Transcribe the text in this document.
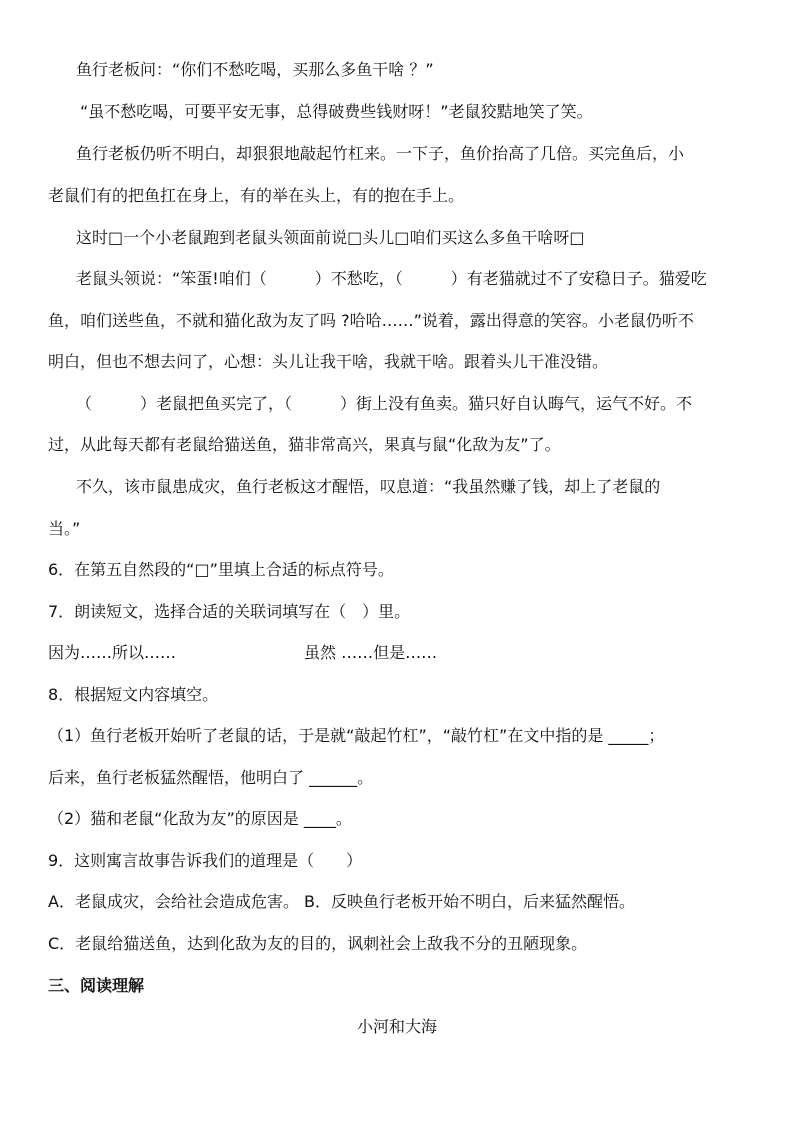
鱼行老板问：“你们不愁吃喝，买那么多鱼干啥 ？”
“虽不愁吃喝，可要平安无事，总得破费些钱财呀！”老鼠狡黠地笑了笑。
鱼行老板仍听不明白，却狠狠地敲起竹杠来。一下子，鱼价抬高了几倍。买完鱼后，小
老鼠们有的把鱼扛在身上，有的举在头上，有的抱在手上。
这时□一个小老鼠跑到老鼠头领面前说□头儿□咱们买这么多鱼干啥呀□
老鼠头领说：“笨蛋!咱们（　　　）不愁吃，（　　　）有老猫就过不了安稳日子。猫爱吃
鱼，咱们送些鱼，不就和猫化敌为友了吗 ?哈哈……”说着，露出得意的笑容。小老鼠仍听不
明白，但也不想去问了，心想：头儿让我干啥，我就干啥。跟着头儿干准没错。
（　　　）老鼠把鱼买完了，（　　　）街上没有鱼卖。猫只好自认晦气，运气不好。不
过，从此每天都有老鼠给猫送鱼，猫非常高兴，果真与鼠“化敌为友”了。
不久，该市鼠患成灾，鱼行老板这才醒悟，叹息道：“我虽然赚了钱，却上了老鼠的
当。”
6．在第五自然段的“□”里填上合适的标点符号。
7．朗读短文，选择合适的关联词填写在（　）里。
因为……所以……	虽然 ……但是……
8．根据短文内容填空。
（1）鱼行老板开始听了老鼠的话，于是就“敲起竹杠”，“敲竹杠”在文中指的是 _____；
后来，鱼行老板猛然醒悟，他明白了 ______。
（2）猫和老鼠“化敌为友”的原因是 ____。
9．这则寓言故事告诉我们的道理是（　　）
A．老鼠成灾，会给社会造成危害。 B．反映鱼行老板开始不明白，后来猛然醒悟。
C．老鼠给猫送鱼，达到化敌为友的目的，讽刺社会上敌我不分的丑陋现象。
三、阅读理解
小河和大海
